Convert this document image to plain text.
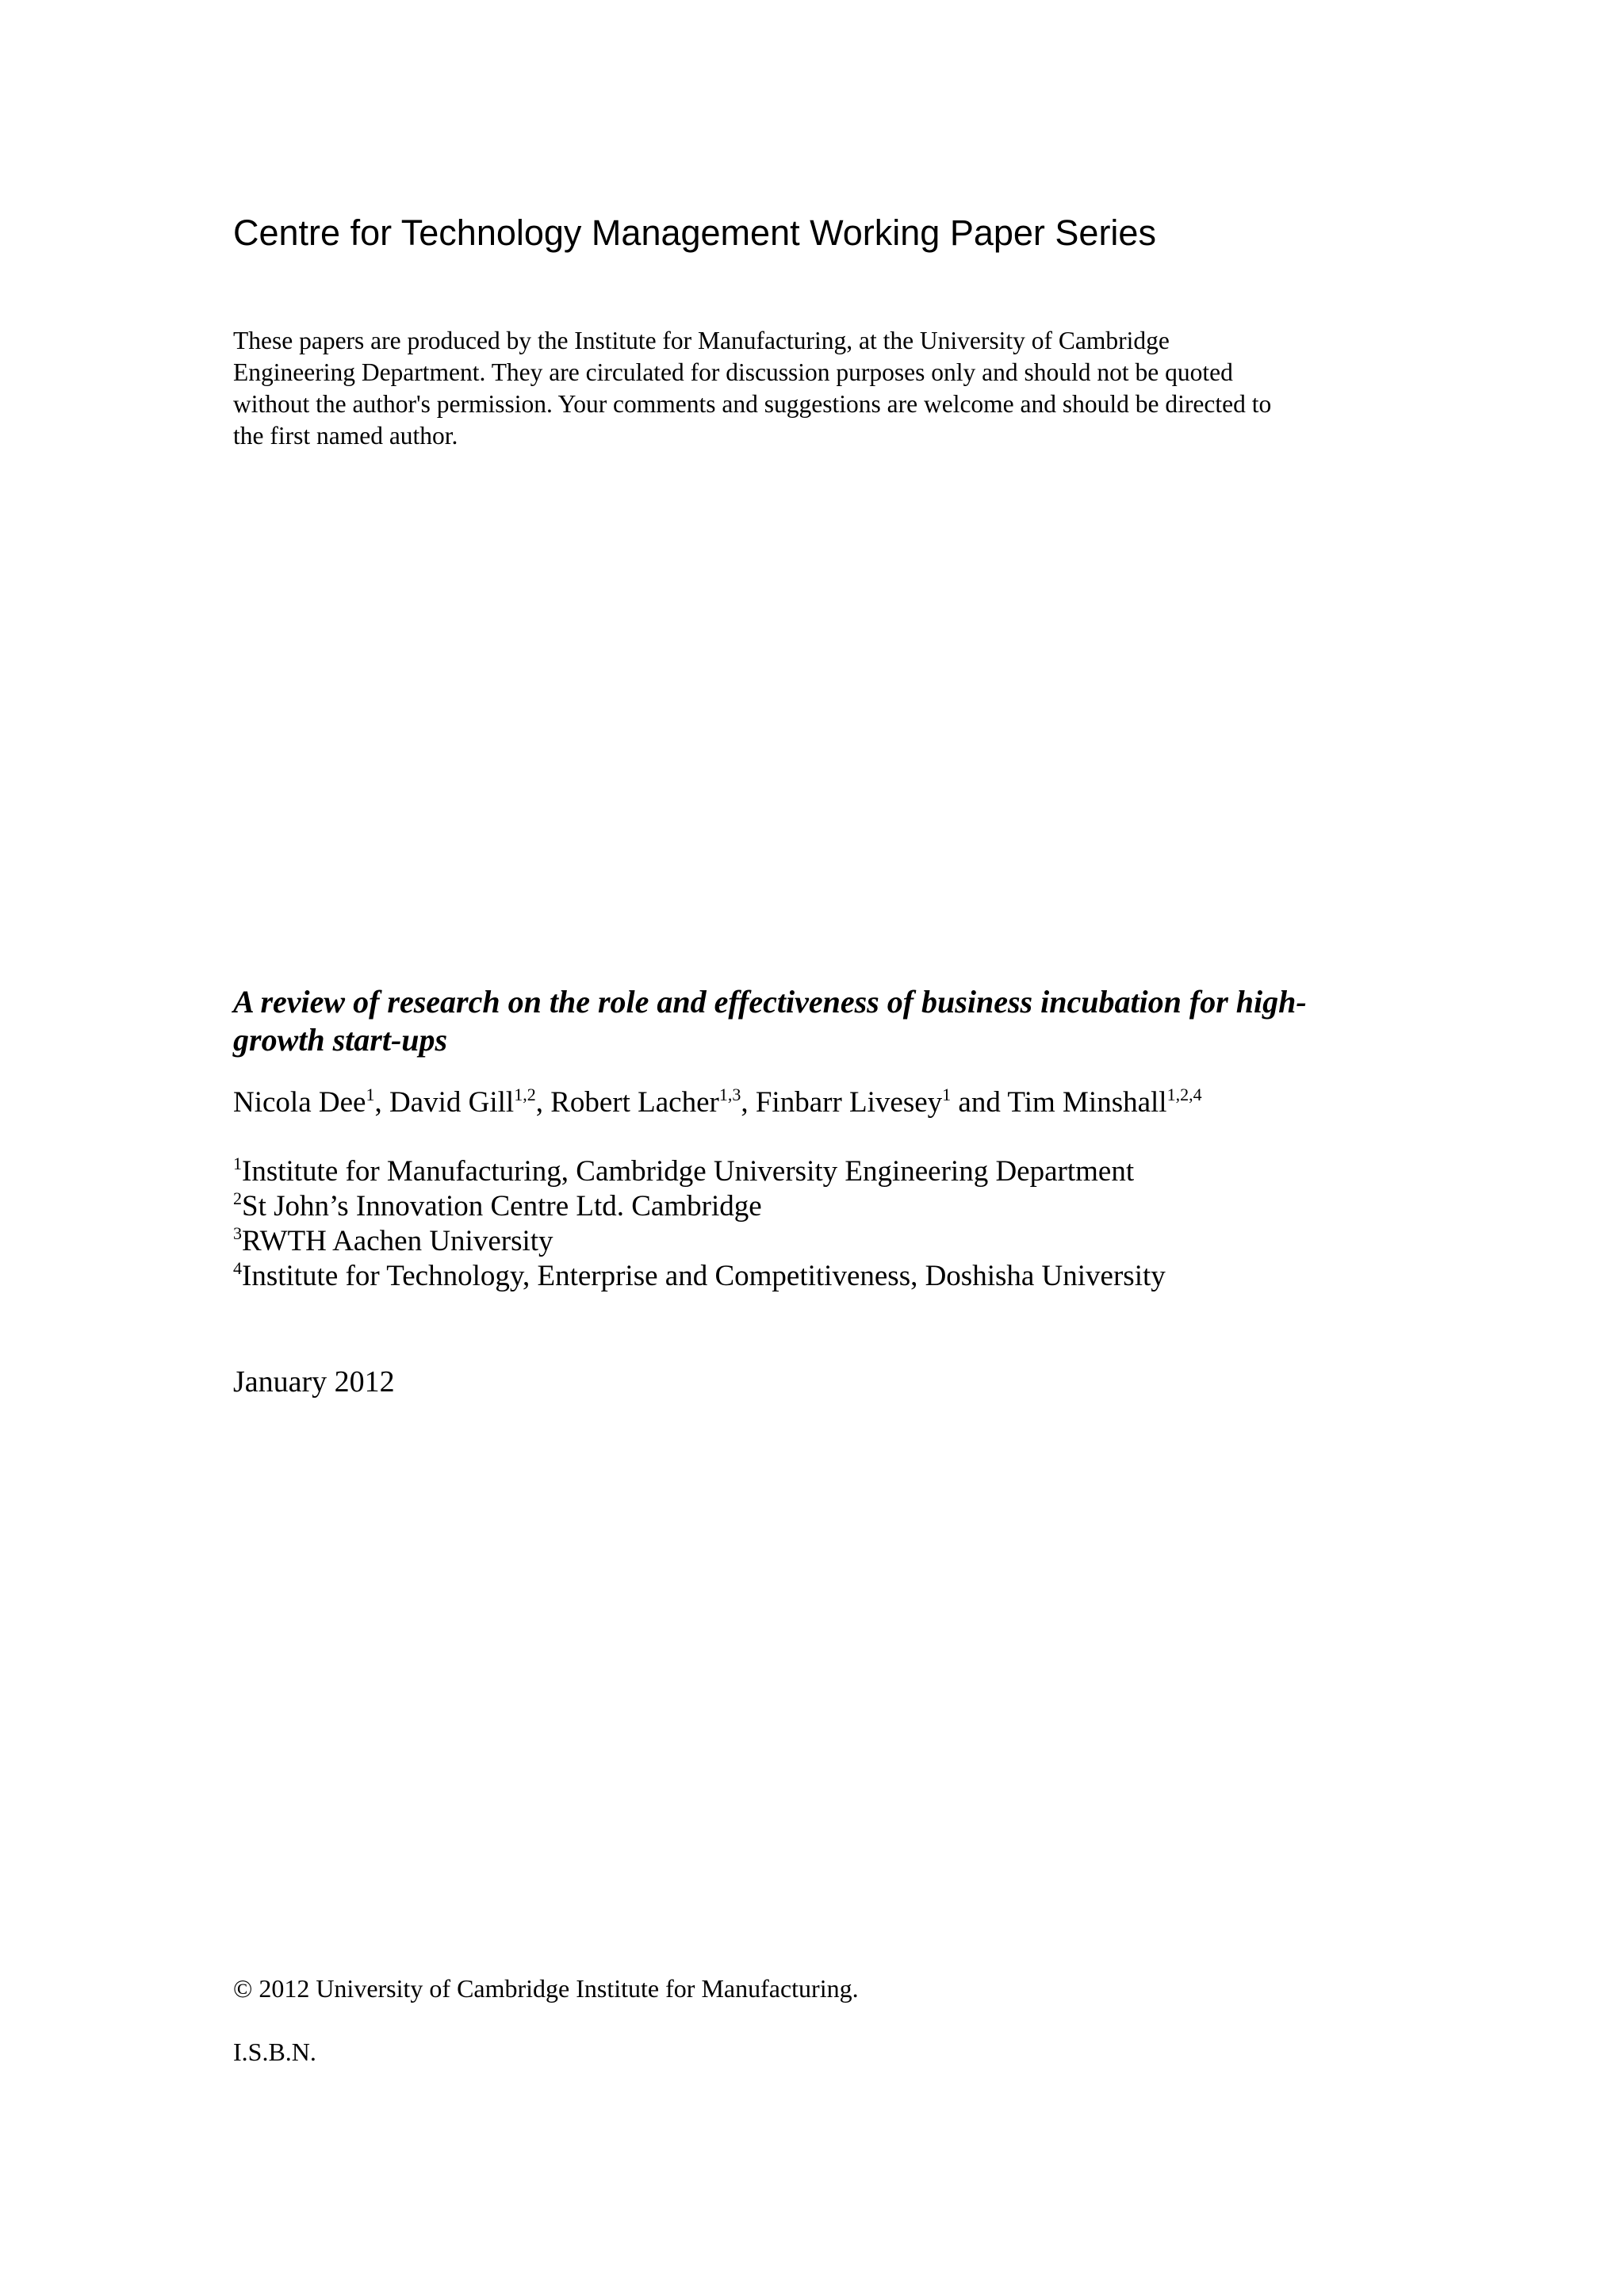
Centre for Technology Management Working Paper Series

These papers are produced by the Institute for Manufacturing, at the University of Cambridge
Engineering Department. They are circulated for discussion purposes only and should not be quoted
without the author's permission. Your comments and suggestions are welcome and should be directed to
the first named author.

A review of research on the role and effectiveness of business incubation for high-
growth start-ups

Nicola Dee$^1$, David Gill$^{1,2}$, Robert Lacher$^{1,3}$, Finbarr Livesey$^1$ and Tim Minshall$^{1,2,4}$

$^1$Institute for Manufacturing, Cambridge University Engineering Department
$^2$St John’s Innovation Centre Ltd. Cambridge
$^3$RWTH Aachen University
$^4$Institute for Technology, Enterprise and Competitiveness, Doshisha University

January 2012

© 2012 University of Cambridge Institute for Manufacturing.

I.S.B.N.
